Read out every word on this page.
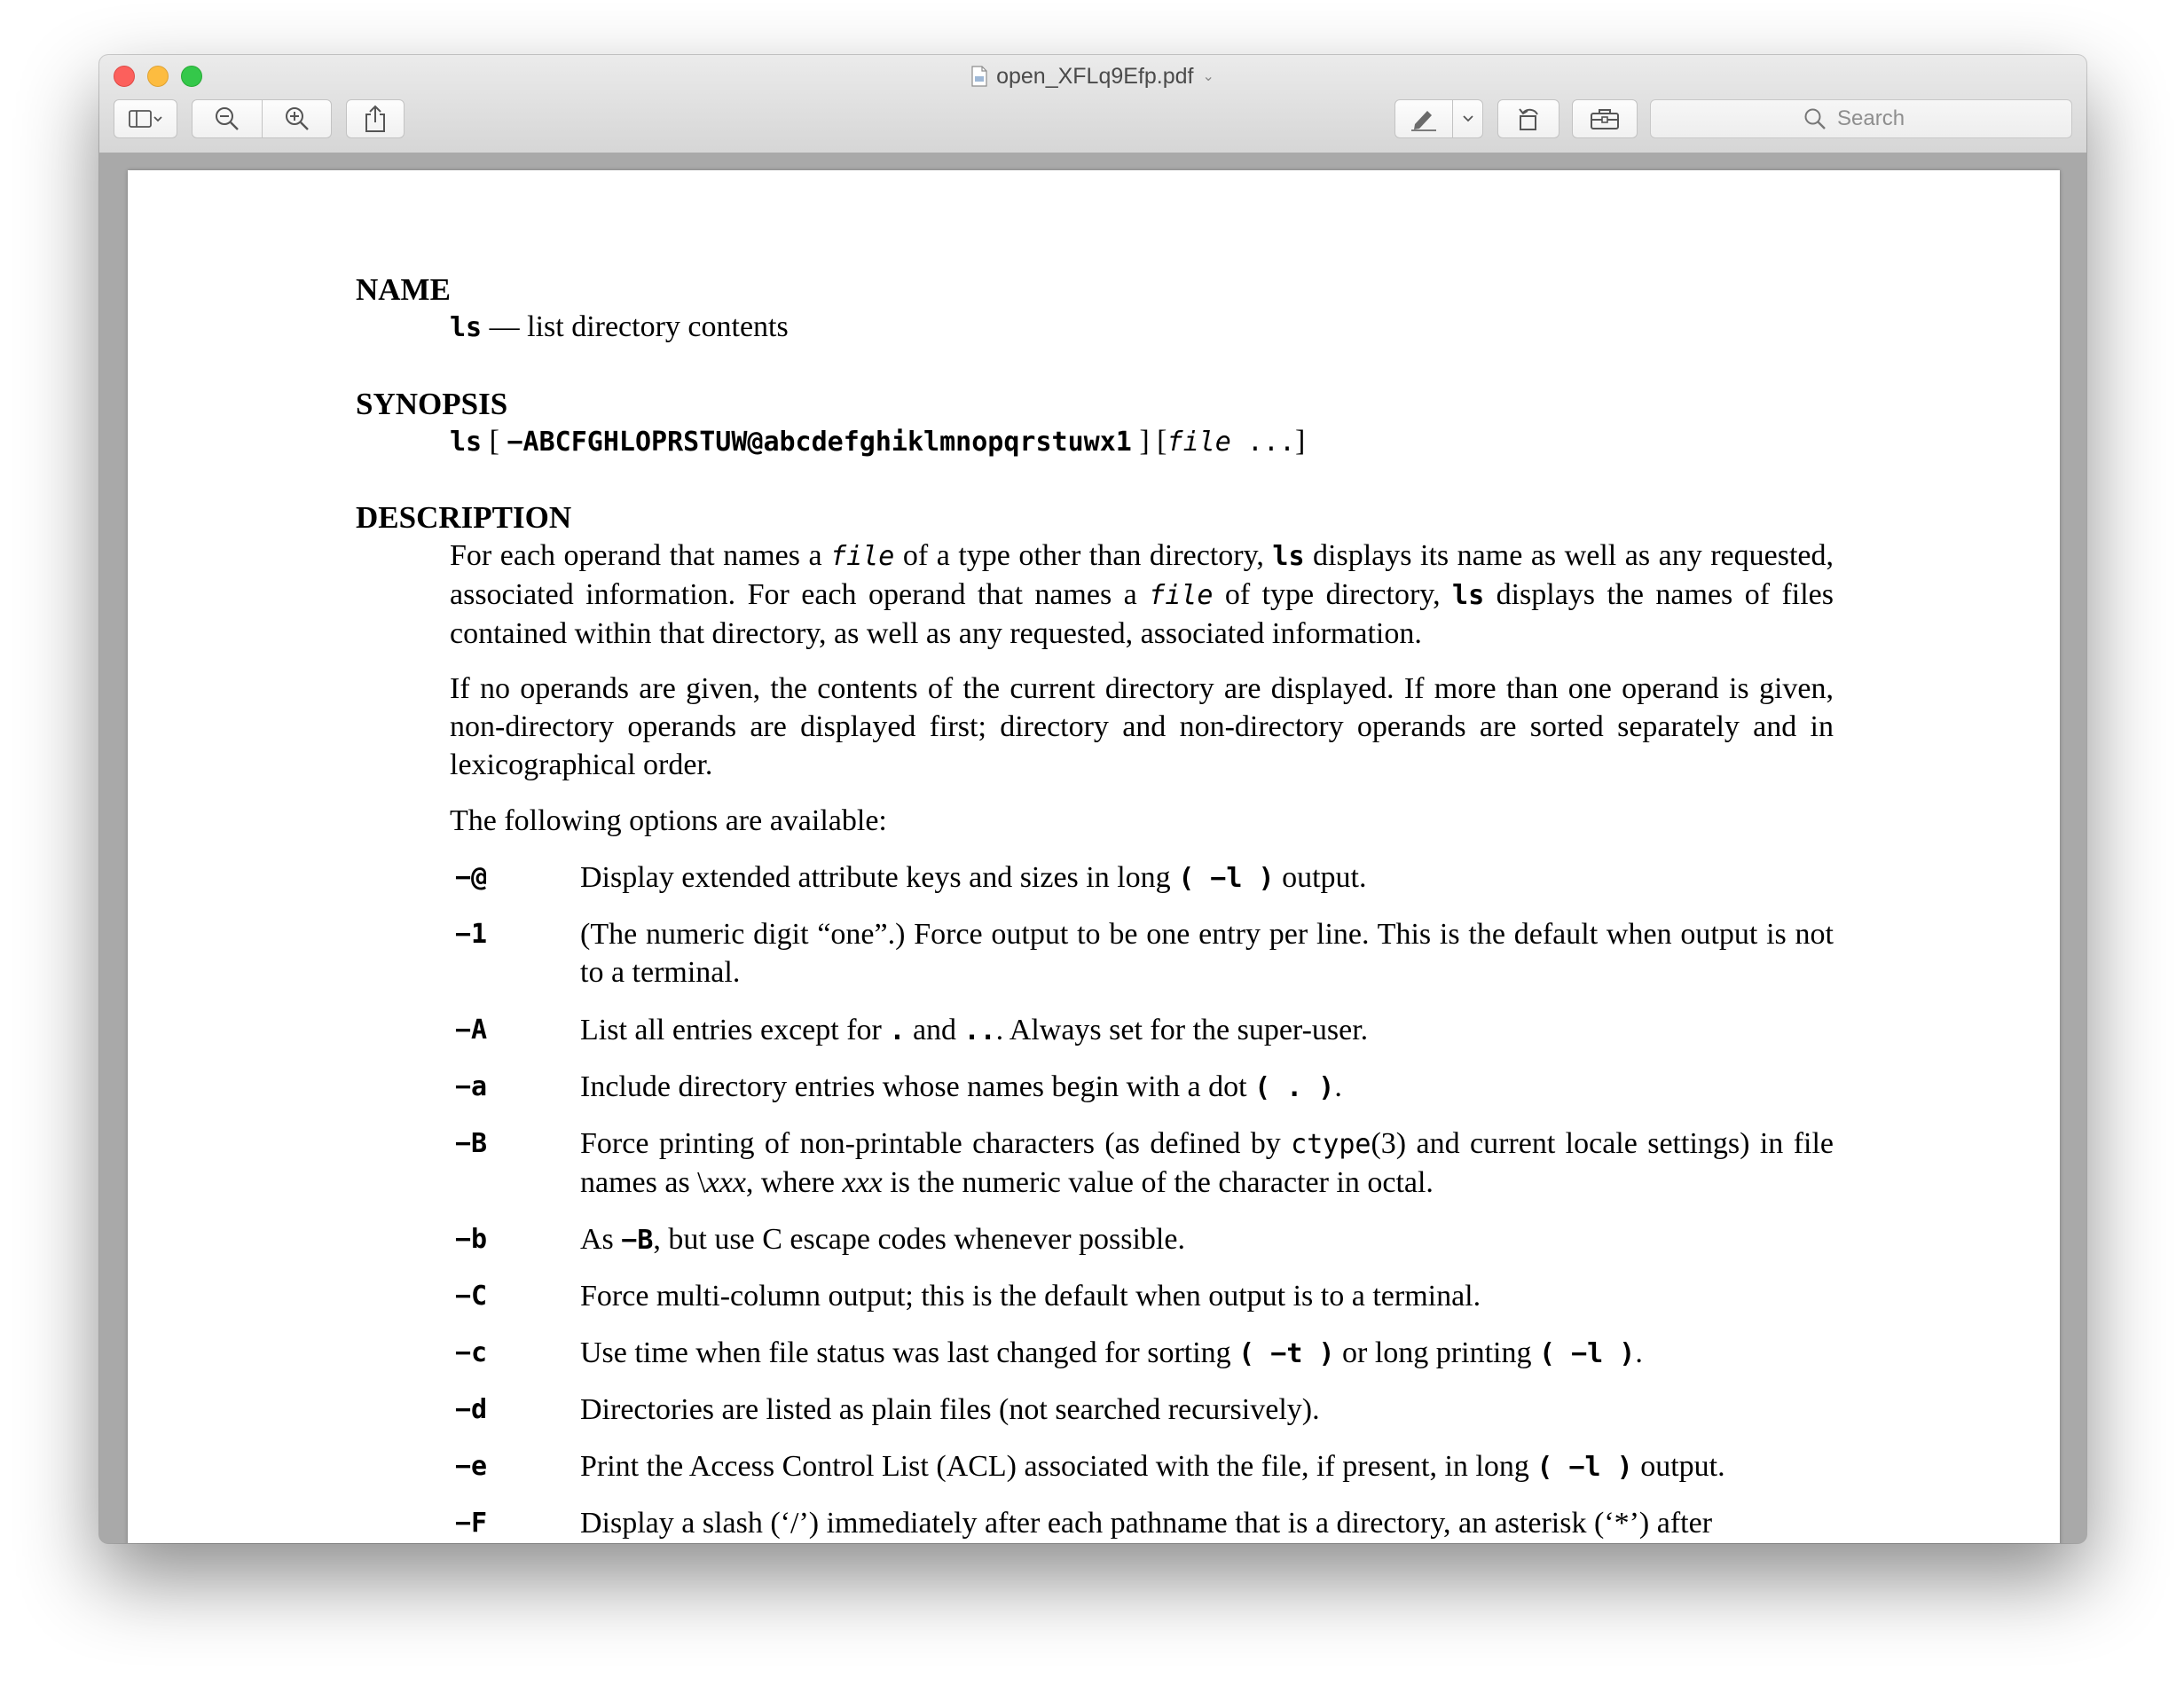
open_XFLq9Efp.pdf ⌄
Search
NAME
ls — list directory contents
SYNOPSIS
ls [ −ABCFGHLOPRSTUW@abcdefghiklmnopqrstuwx1 ] [file ...]
DESCRIPTION
For each operand that names a file of a type other than directory, ls displays its name as well as any requested, associated information. For each operand that names a file of type directory, ls displays the names of files contained within that directory, as well as any requested, associated information.
If no operands are given, the contents of the current directory are displayed. If more than one operand is given, non-directory operands are displayed first; directory and non-directory operands are sorted separately and in lexicographical order.
The following options are available:
−@	Display extended attribute keys and sizes in long ( −l ) output.
−1	(The numeric digit “one”.) Force output to be one entry per line. This is the default when output is not to a terminal.
−A	List all entries except for . and ... Always set for the super-user.
−a	Include directory entries whose names begin with a dot ( . ).
−B	Force printing of non-printable characters (as defined by ctype(3) and current locale settings) in file names as \xxx, where xxx is the numeric value of the character in octal.
−b	As −B, but use C escape codes whenever possible.
−C	Force multi-column output; this is the default when output is to a terminal.
−c	Use time when file status was last changed for sorting ( −t ) or long printing ( −l ).
−d	Directories are listed as plain files (not searched recursively).
−e	Print the Access Control List (ACL) associated with the file, if present, in long ( −l ) output.
−F	Display a slash (‘/’) immediately after each pathname that is a directory, an asterisk (‘*’) after
